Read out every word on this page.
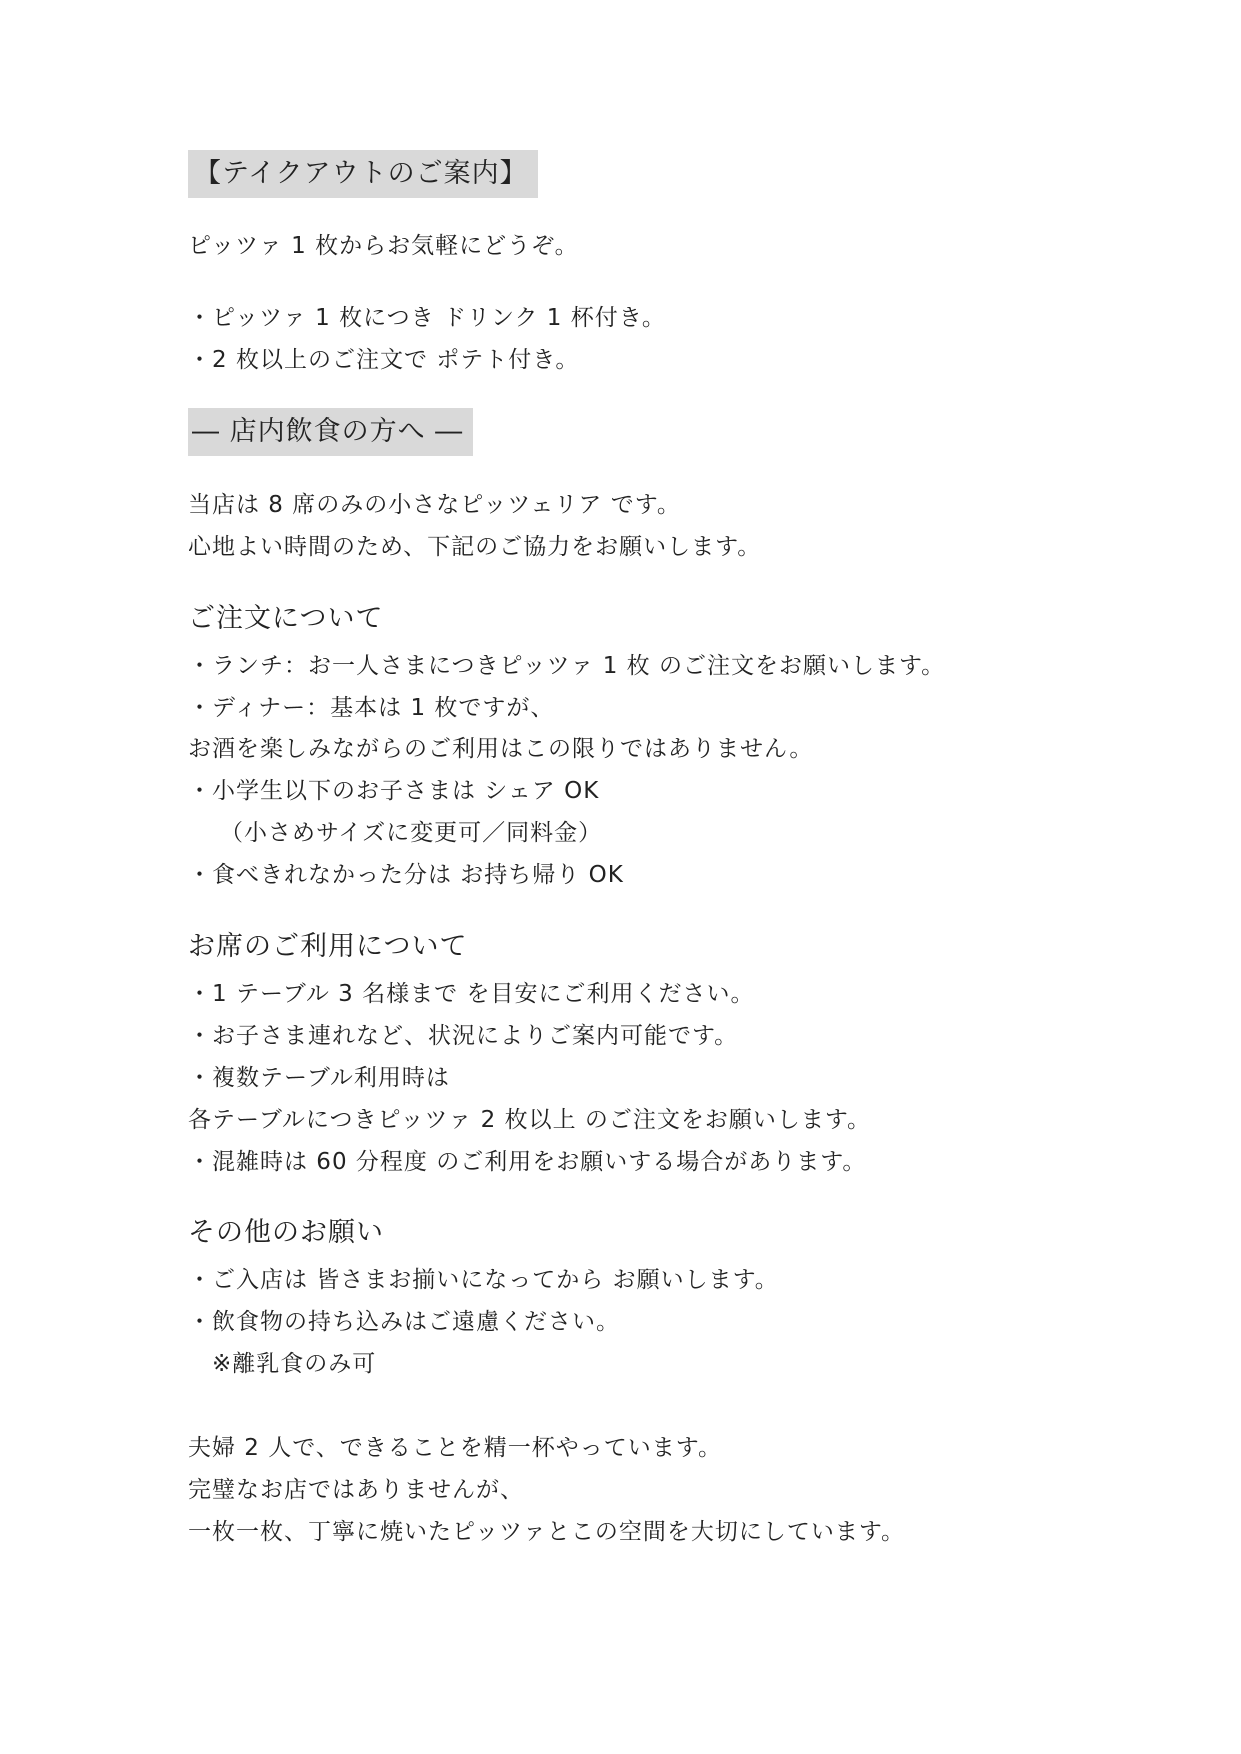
【テイクアウトのご案内】
ピッツァ 1 枚からお気軽にどうぞ。
・ピッツァ 1 枚につき ドリンク 1 杯付き。
・2 枚以上のご注文で ポテト付き。
― 店内飲食の方へ ―
当店は 8 席のみの小さなピッツェリア です。
心地よい時間のため、下記のご協力をお願いします。
ご注文について
・ランチ：お一人さまにつきピッツァ 1 枚 のご注文をお願いします。
・ディナー：基本は 1 枚ですが、
お酒を楽しみながらのご利用はこの限りではありません。
・小学生以下のお子さまは シェア OK
（小さめサイズに変更可／同料金）
・食べきれなかった分は お持ち帰り OK
お席のご利用について
・1 テーブル 3 名様まで を目安にご利用ください。
・お子さま連れなど、状況によりご案内可能です。
・複数テーブル利用時は
各テーブルにつきピッツァ 2 枚以上 のご注文をお願いします。
・混雑時は 60 分程度 のご利用をお願いする場合があります。
その他のお願い
・ご入店は 皆さまお揃いになってから お願いします。
・飲食物の持ち込みはご遠慮ください。
※離乳食のみ可
夫婦 2 人で、できることを精一杯やっています。
完璧なお店ではありませんが、
一枚一枚、丁寧に焼いたピッツァとこの空間を大切にしています。
